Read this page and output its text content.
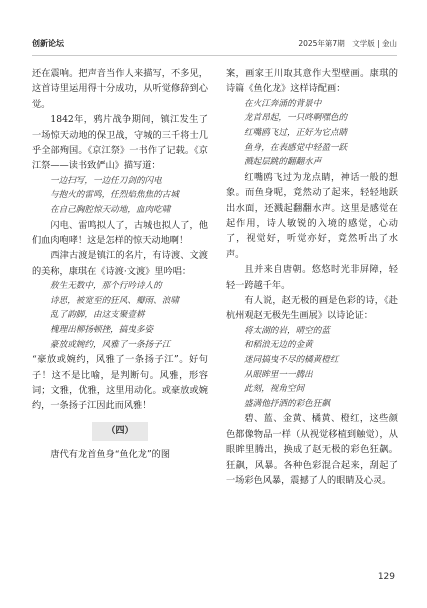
创新论坛	2025年第7期　文学版 | 金山

还在震响。把声音当作人来描写，不多见，这首诗里运用得十分成功，从听觉修辞到心觉。

1842年，鸦片战争期间，镇江发生了一场惊天动地的保卫战，守城的三千将士几乎全部殉国。《京江祭》一书作了记载。《京江祭——读书致俨山》描写道：

一边扫写，一边任刀剑的闪电
与抱火的雷鸣，任烈焰焦焦的古城
在自己胸腔惊天动地，血肉吃啸

闪电、雷鸣拟人了，古城也拟人了，他们血肉咆哮！这是怎样的惊天动地啊！

西津古渡是镇江的名片，有诗渡、文渡的美称，康琪在《诗渡·文渡》里吟唱：

敖生无数中，那个行吟诗人的
诗思，被宽至的狂风、瓣雨、浪啸
乱了韵脚，由这支聚壹耕
槐理出柳扬顿挫，搞曳多姿
豪放或婉约，风雅了一条扬子江

“豪放或婉约，风雅了一条扬子江”。好句子！这不是比喻，是判断句。风雅，形容词；文雅，优雅，这里用动化。或豪放或婉约，一条扬子江因此而风雅！

（四）

唐代有龙首鱼身“鱼化龙”的图

案，画家王川取其意作大型壁画。康琪的诗篇《鱼化龙》这样诗配画：

在火江奔涌的背景中
龙首昂起，一只咚啊嘿色的
红嘴鸥飞过，正好为它点睛
鱼身，在表感觉中轻盈一跃
溅起层跳的翻翻水声

红嘴鸥飞过为龙点睛，神话一般的想象。而鱼身呢，竟然动了起来，轻轻地跃出水面，还溅起翻翻水声。这里是感觉在起作用，诗人敏锐的入境的感觉，心动了，视觉好，听觉亦好，竟然听出了水声。

且并来自唐朝。悠悠时光非屏障，轻轻一跨越千年。

有人说，赵无极的画是色彩的诗，《赴杭州观赵无极先生画展》以诗论证：

将太湖的岩，晴空的蓝
和稻浪无边的金黄
迷同搞曳不尽的橘黄橙红
从眼眸里一一腾出
此刻，视角空间
盛满他抒洒的彩色狂飙

碧、蓝、金黄、橘黄、橙红，这些颜色都像物品一样（从视觉移植到触觉），从眼眸里腾出，换成了赵无极的彩色狂飙。狂飙，风暴。各种色彩混合起来，刮起了一场彩色风暴，震撼了人的眼睛及心灵。

129
